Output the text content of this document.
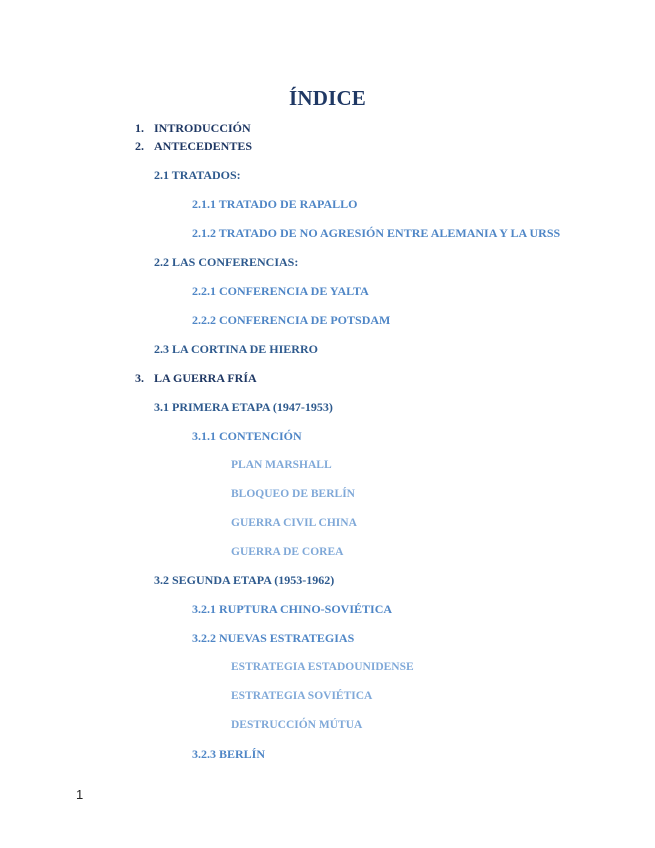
ÍNDICE
1. INTRODUCCIÓN
2. ANTECEDENTES
2.1 TRATADOS:
2.1.1 TRATADO DE RAPALLO
2.1.2 TRATADO DE NO AGRESIÓN ENTRE ALEMANIA Y LA URSS
2.2 LAS CONFERENCIAS:
2.2.1 CONFERENCIA DE YALTA
2.2.2 CONFERENCIA DE POTSDAM
2.3 LA CORTINA DE HIERRO
3. LA GUERRA FRÍA
3.1 PRIMERA ETAPA (1947-1953)
3.1.1 CONTENCIÓN
PLAN MARSHALL
BLOQUEO DE BERLÍN
GUERRA CIVIL CHINA
GUERRA DE COREA
3.2 SEGUNDA ETAPA (1953-1962)
3.2.1 RUPTURA CHINO-SOVIÉTICA
3.2.2 NUEVAS ESTRATEGIAS
ESTRATEGIA ESTADOUNIDENSE
ESTRATEGIA SOVIÉTICA
DESTRUCCIÓN MÚTUA
3.2.3 BERLÍN
1
